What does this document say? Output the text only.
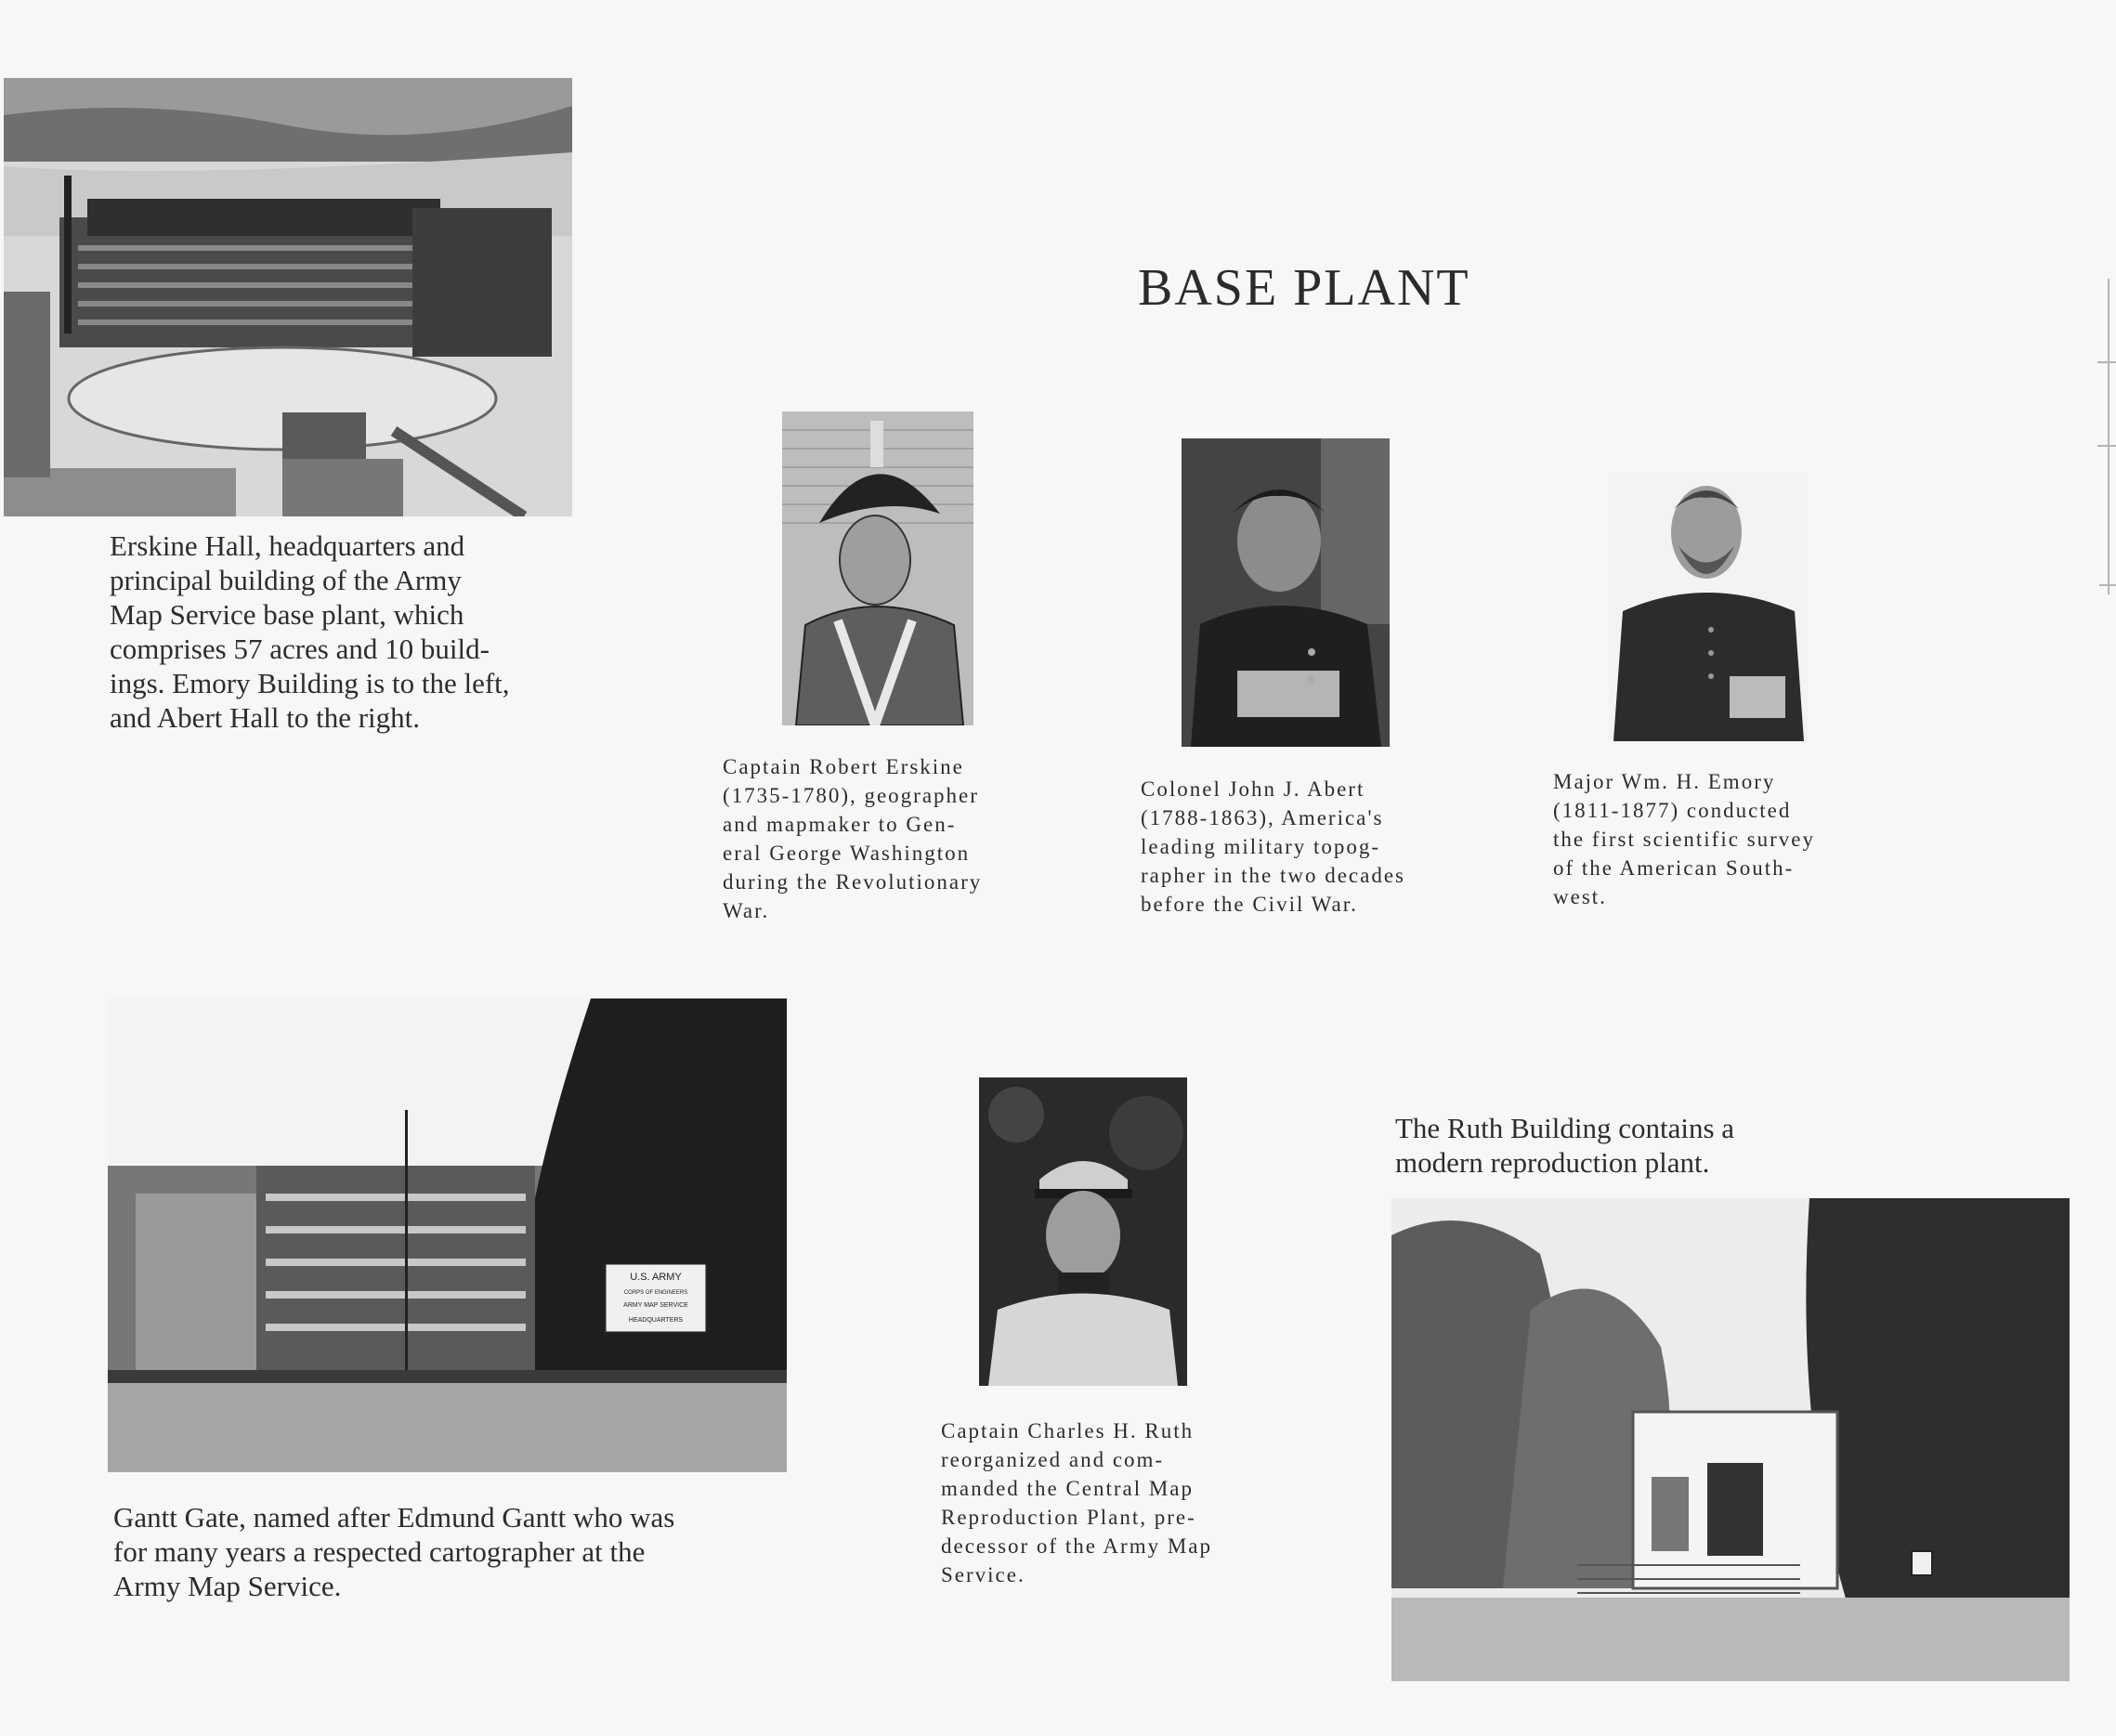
BASE PLANT
Erskine Hall, headquarters and
principal building of the Army
Map Service base plant, which
comprises 57 acres and 10 build-
ings. Emory Building is to the left,
and Abert Hall to the right.
Captain Robert Erskine
(1735-1780), geographer
and mapmaker to Gen-
eral George Washington
during the Revolutionary
War.
Colonel John J. Abert
(1788-1863), America's
leading military topog-
rapher in the two decades
before the Civil War.
Major Wm. H. Emory
(1811-1877) conducted
the first scientific survey
of the American South-
west.
U.S. ARMY
CORPS OF ENGINEERS
ARMY MAP SERVICE
HEADQUARTERS
Gantt Gate, named after Edmund Gantt who was
for many years a respected cartographer at the
Army Map Service.
Captain Charles H. Ruth
reorganized and com-
manded the Central Map
Reproduction Plant, pre-
decessor of the Army Map
Service.
The Ruth Building contains a
modern reproduction plant.
